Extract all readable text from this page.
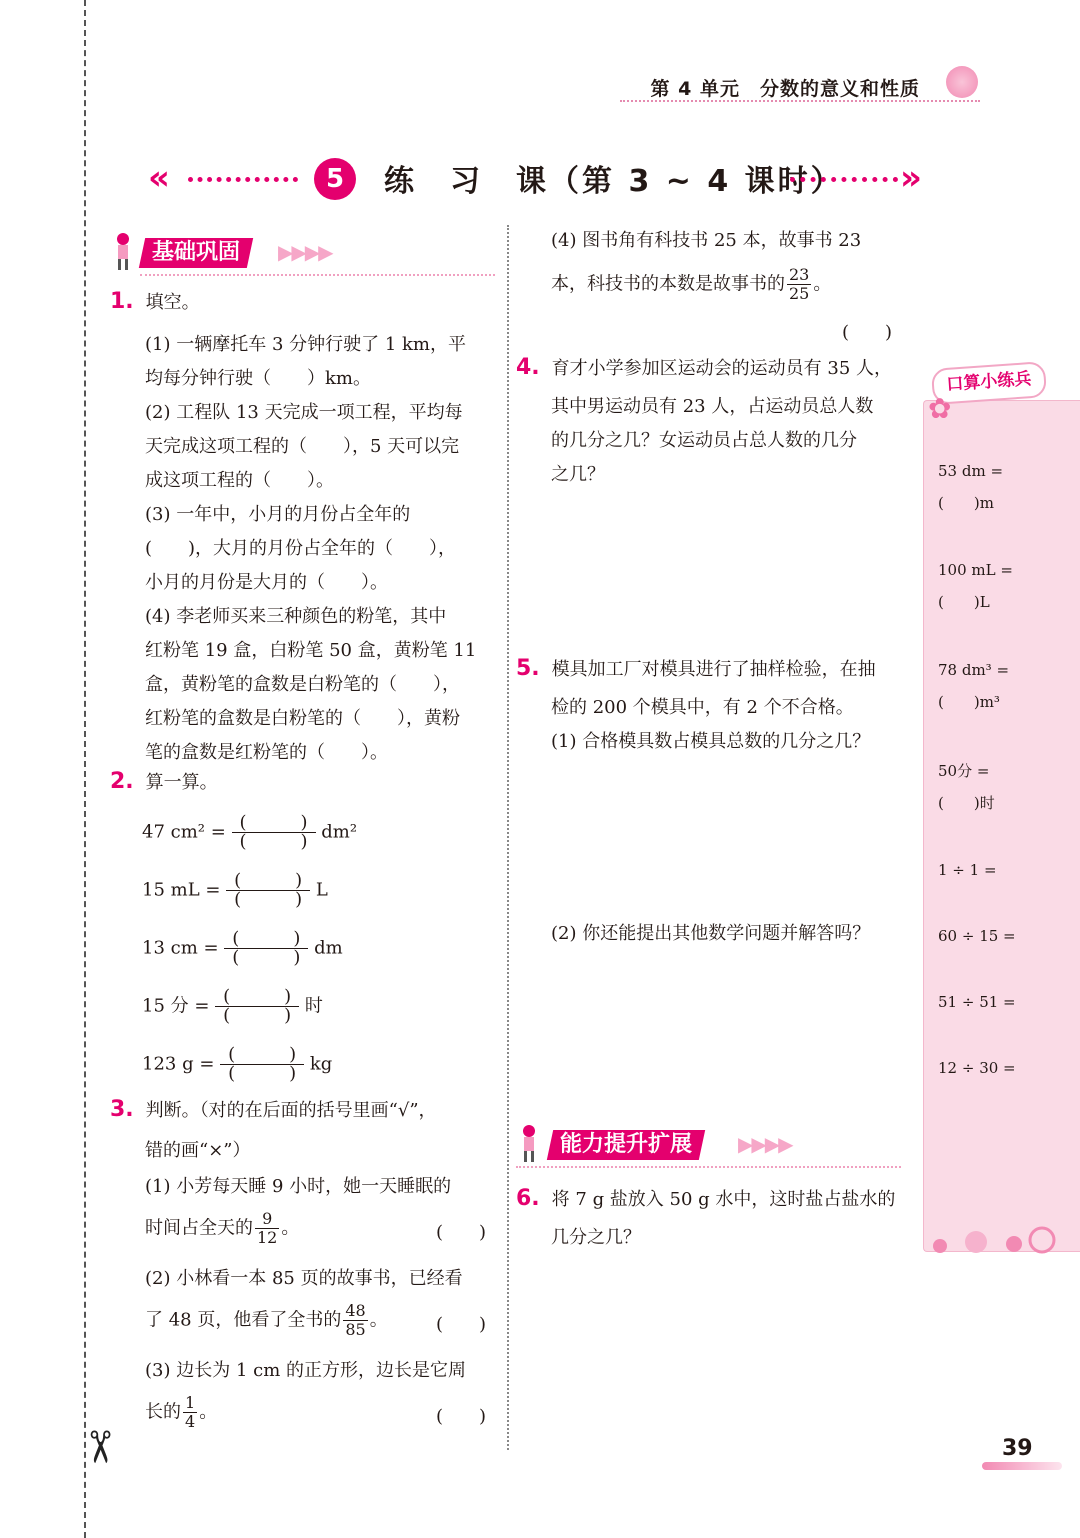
✂
第 4 单元　分数的意义和性质
«	5	练　习　课（第 3 ~ 4 课时） »
基础巩固	▶▶▶▶
1. 填空。
(1) 一辆摩托车 3 分钟行驶了 1 km，平
均每分钟行驶（　　）km。
(2) 工程队 13 天完成一项工程，平均每
天完成这项工程的（　　），5 天可以完
成这项工程的（　　）。
(3) 一年中，小月的月份占全年的
(　　)，大月的月份占全年的（　　），
小月的月份是大月的（　　）。
(4) 李老师买来三种颜色的粉笔，其中
红粉笔 19 盒，白粉笔 50 盒，黄粉笔 11
盒，黄粉笔的盒数是白粉笔的（　　），
红粉笔的盒数是白粉笔的（　　），黄粉
笔的盒数是红粉笔的（　　）。
2. 算一算。
47 cm² = (　　　)
(　　　) dm²
15 mL = (　　　)
(　　　) L
13 cm = (　　　)
(　　　) dm
15 分 = (　　　)
(　　　) 时
123 g = (　　　)
(　　　) kg
3. 判断。（对的在后面的括号里画“√”，
错的画“×”）
(1) 小芳每天睡 9 小时，她一天睡眠的
时间占全天的 $\frac{9}{12}$ 。	(　　)
(2) 小林看一本 85 页的故事书，已经看
了 48 页，他看了全书的 $\frac{48}{85}$ 。	(　　)
(3) 边长为 1 cm 的正方形，边长是它周
长的 $\frac{1}{4}$ 。	(　　)
(4) 图书角有科技书 25 本，故事书 23
本，科技书的本数是故事书的 $\frac{23}{25}$ 。
(　　)
4. 育才小学参加区运动会的运动员有 35 人，
其中男运动员有 23 人，占运动员总人数
的几分之几？女运动员占总人数的几分
之几？
5. 模具加工厂对模具进行了抽样检验，在抽
检的 200 个模具中，有 2 个不合格。
(1) 合格模具数占模具总数的几分之几？
(2) 你还能提出其他数学问题并解答吗？
能力提升扩展	▶▶▶▶
6. 将 7 g 盐放入 50 g 水中，这时盐占盐水的
几分之几？
口算小练兵
✿
53 dm =
(　　)m
100 mL =
(　　)L
78 dm³ =
(　　)m³
50分 =
(　　)时
1 ÷ 1 =
60 ÷ 15 =
51 ÷ 51 =
12 ÷ 30 =
39
